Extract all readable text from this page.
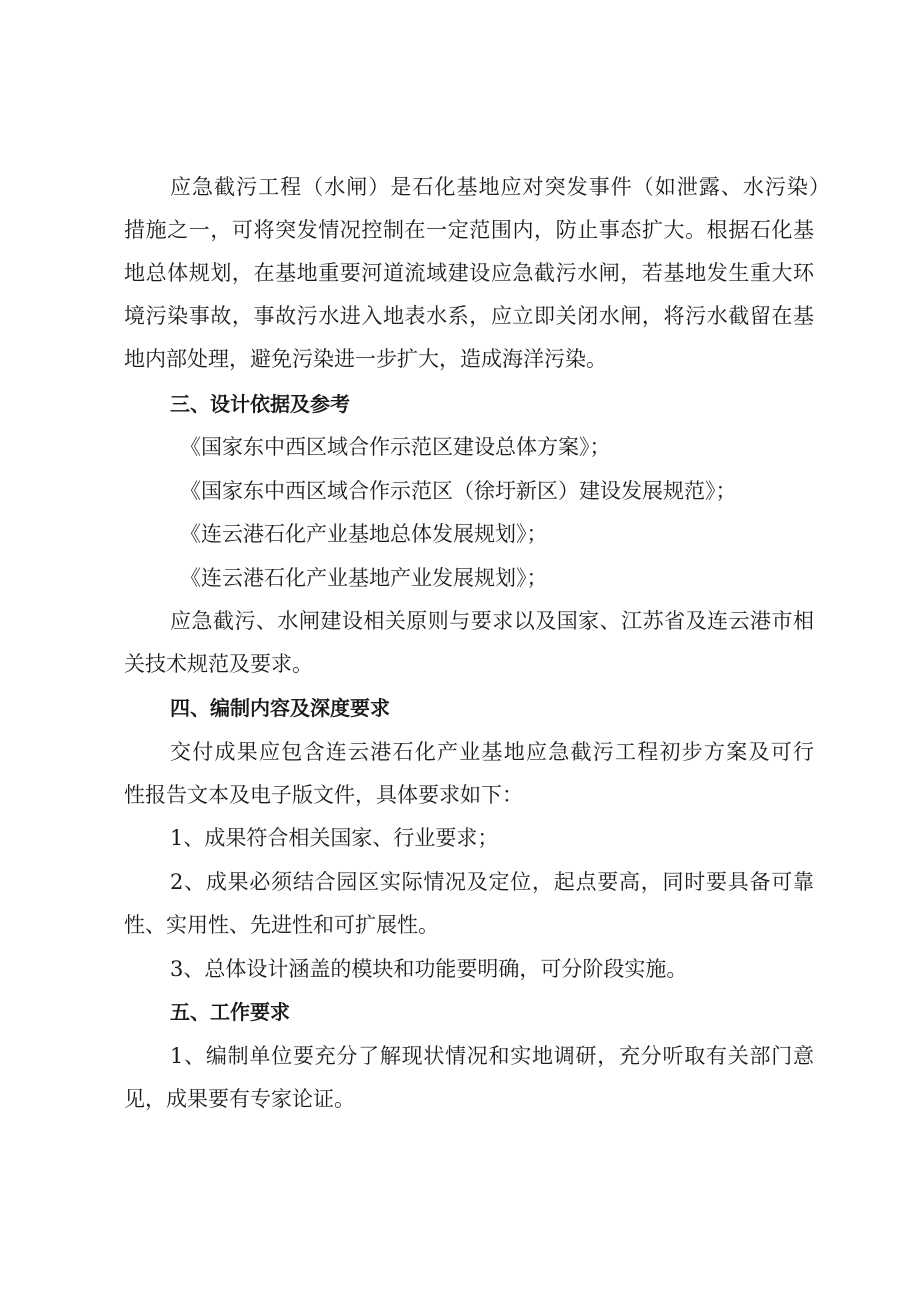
应急截污工程（水闸）是石化基地应对突发事件（如泄露、水污染）
措施之一，可将突发情况控制在一定范围内，防止事态扩大。根据石化基
地总体规划，在基地重要河道流域建设应急截污水闸，若基地发生重大环
境污染事故，事故污水进入地表水系，应立即关闭水闸，将污水截留在基
地内部处理，避免污染进一步扩大，造成海洋污染。
三、设计依据及参考
《国家东中西区域合作示范区建设总体方案》；
《国家东中西区域合作示范区（徐圩新区）建设发展规范》；
《连云港石化产业基地总体发展规划》；
《连云港石化产业基地产业发展规划》；
应急截污、水闸建设相关原则与要求以及国家、江苏省及连云港市相
关技术规范及要求。
四、编制内容及深度要求
交付成果应包含连云港石化产业基地应急截污工程初步方案及可行
性报告文本及电子版文件，具体要求如下：
1、成果符合相关国家、行业要求；
2、成果必须结合园区实际情况及定位，起点要高，同时要具备可靠
性、实用性、先进性和可扩展性。
3、总体设计涵盖的模块和功能要明确，可分阶段实施。
五、工作要求
1、编制单位要充分了解现状情况和实地调研，充分听取有关部门意
见，成果要有专家论证。
